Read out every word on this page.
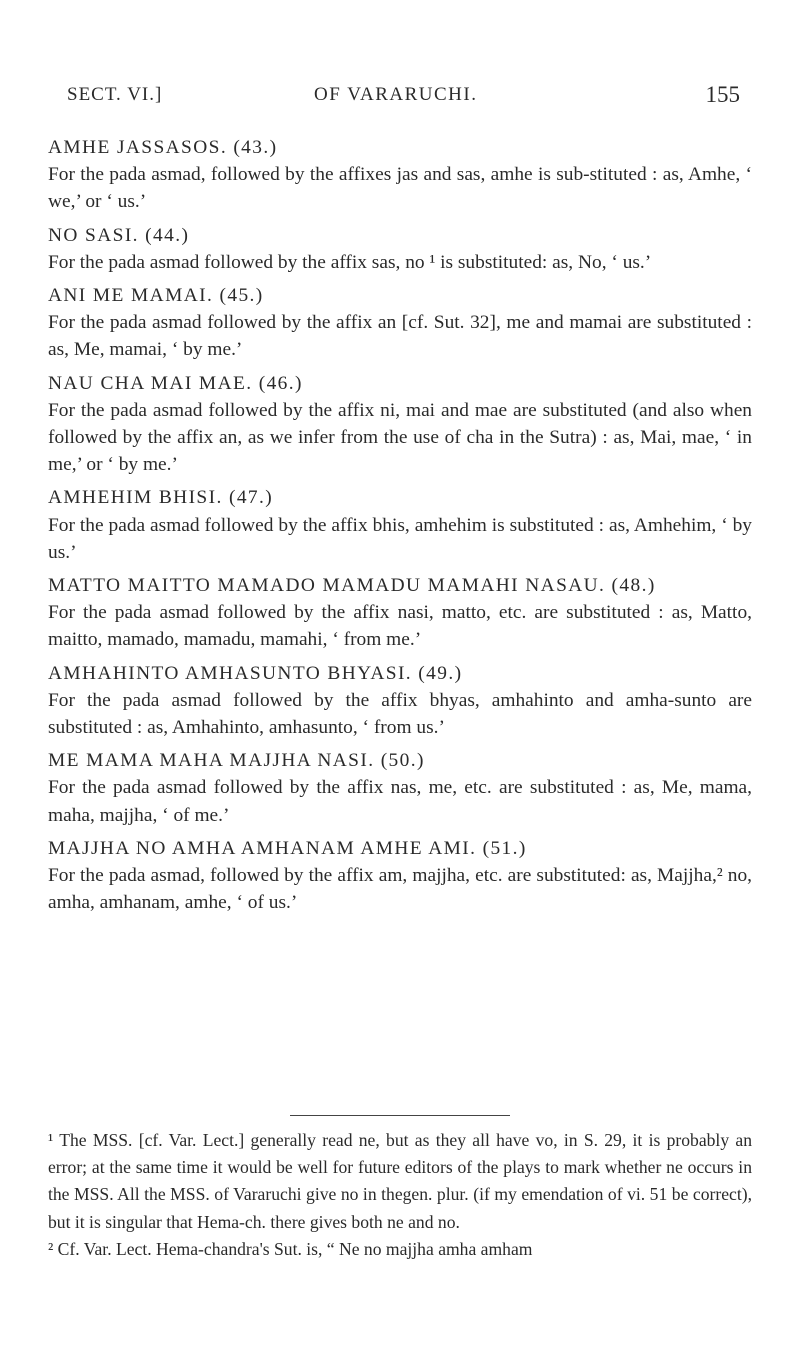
SECT. VI.]	OF VARARUCHI.	155

AMHE JASSASOS. (43.)

For the pada asmad, followed by the affixes jas and sas, amhe is sub-stituted : as, Amhe, ‘ we,’ or ‘ us.’

NO SASI. (44.)

For the pada asmad followed by the affix sas, no ¹ is substituted: as, No, ‘ us.’

ANI ME MAMAI. (45.)

For the pada asmad followed by the affix an [cf. Sut. 32], me and mamai are substituted : as, Me, mamai, ‘ by me.’

NAU CHA MAI MAE. (46.)

For the pada asmad followed by the affix ni, mai and mae are substituted (and also when followed by the affix an, as we infer from the use of cha in the Sutra) : as, Mai, mae, ‘ in me,’ or ‘ by me.’

AMHEHIM BHISI. (47.)

For the pada asmad followed by the affix bhis, amhehim is substituted : as, Amhehim, ‘ by us.’

MATTO MAITTO MAMADO MAMADU MAMAHI NASAU. (48.)

For the pada asmad followed by the affix nasi, matto, etc. are substituted : as, Matto, maitto, mamado, mamadu, mamahi, ‘ from me.’

AMHAHINTO AMHASUNTO BHYASI. (49.)

For the pada asmad followed by the affix bhyas, amhahinto and amha-sunto are substituted : as, Amhahinto, amhasunto, ‘ from us.’

ME MAMA MAHA MAJJHA NASI. (50.)

For the pada asmad followed by the affix nas, me, etc. are substituted : as, Me, mama, maha, majjha, ‘ of me.’

MAJJHA NO AMHA AMHANAM AMHE AMI. (51.)

For the pada asmad, followed by the affix am, majjha, etc. are substituted: as, Majjha,² no, amha, amhanam, amhe, ‘ of us.’

¹ The MSS. [cf. Var. Lect.] generally read ne, but as they all have vo, in S. 29, it is probably an error; at the same time it would be well for future editors of the plays to mark whether ne occurs in the MSS. All the MSS. of Vararuchi give no in thegen. plur. (if my emendation of vi. 51 be correct), but it is singular that Hema-ch. there gives both ne and no.

² Cf. Var. Lect. Hema-chandra's Sut. is, “ Ne no majjha amha amham
